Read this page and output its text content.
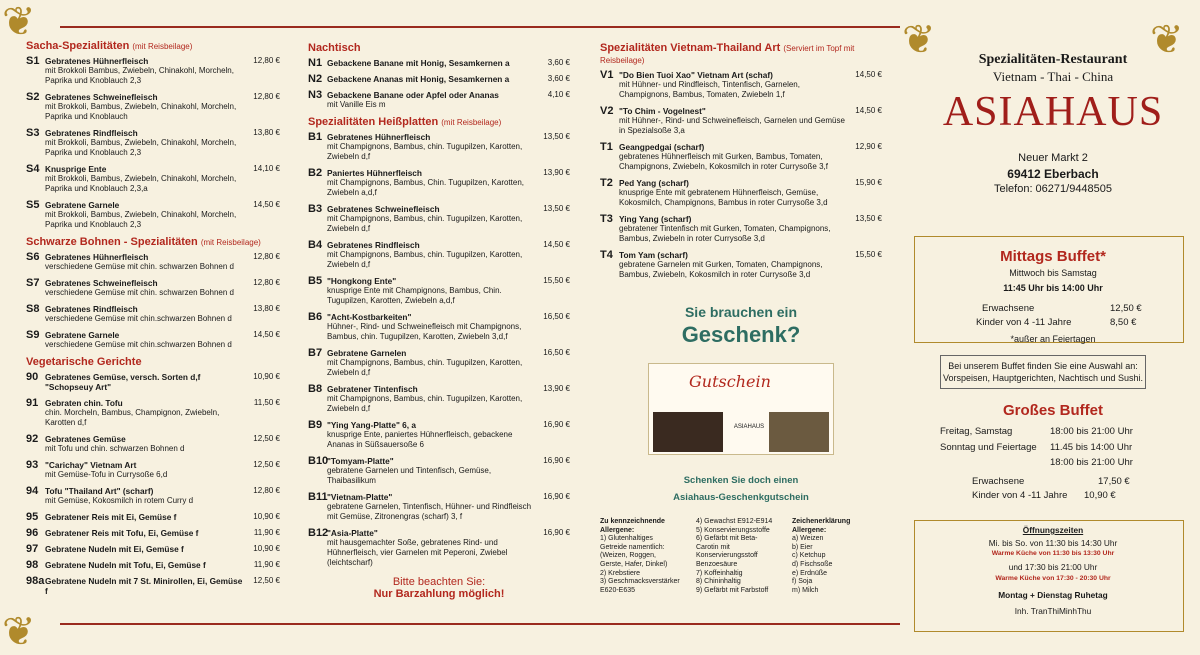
❦
❦
❦	❦
Sacha-Spezialitäten (mit Reisbeilage)
S1 Gebratenes Hühnerfleisch
mit Brokkoli Bambus, Zwiebeln, Chinakohl, Morcheln, Paprika und Knoblauch 2,3
12,80 €
S2 Gebratenes Schweinefleisch
mit Brokkoli, Bambus, Zwiebeln, Chinakohl, Morcheln, Paprika und Knoblauch
12,80 €
S3 Gebratenes Rindfleisch
mit Brokkoli, Bambus, Zwiebeln, Chinakohl, Morcheln, Paprika und Knoblauch 2,3
13,80 €
S4 Knusprige Ente
mit Brokkoli, Bambus, Zwiebeln, Chinakohl, Morcheln, Paprika und Knoblauch 2,3,a
14,10 €
S5 Gebratene Garnele
mit Brokkoli, Bambus, Zwiebeln, Chinakohl, Morcheln, Paprika und Knoblauch 2,3
14,50 €
Schwarze Bohnen - Spezialitäten (mit Reisbeilage)
S6 Gebratenes Hühnerfleisch
verschiedene Gemüse mit chin. schwarzen Bohnen d
12,80 €
S7 Gebratenes Schweinefleisch
verschiedene Gemüse mit chin. schwarzen Bohnen d
12,80 €
S8 Gebratenes Rindfleisch
verschiedene Gemüse mit chin.schwarzen Bohnen d
13,80 €
S9 Gebratene Garnele
verschiedene Gemüse mit chin.schwarzen Bohnen d
14,50 €
Vegetarische Gerichte
90 Gebratenes Gemüse, versch. Sorten d,f "Schopseuy Art"
10,90 €
91 Gebraten chin. Tofu
chin. Morcheln, Bambus, Champignon, Zwiebeln, Karotten d,f
11,50 €
92 Gebratenes Gemüse
mit Tofu und chin. schwarzen Bohnen d
12,50 €
93 "Carichay" Vietnam Art
mit Gemüse-Tofu in Currysoße 6,d
12,50 €
94 Tofu "Thailand Art" (scharf)
mit Gemüse, Kokosmilch in rotem Curry d
12,80 €
95 Gebratener Reis mit Ei, Gemüse f	10,90 €
96 Gebratener Reis mit Tofu, Ei, Gemüse f	11,90 €
97 Gebratene Nudeln mit Ei, Gemüse f	10,90 €
98 Gebratene Nudeln mit Tofu, Ei, Gemüse f	11,90 €
98a Gebratene Nudeln mit 7 St. Minirollen, Ei, Gemüse f
12,50 €
Nachtisch
N1 Gebackene Banane mit Honig, Sesamkernen a	3,60 €
N2 Gebackene Ananas mit Honig, Sesamkernen a	3,60 €
N3 Gebackene Banane oder Apfel oder Ananas
mit Vanille Eis m
4,10 €
Spezialitäten Heißplatten (mit Reisbeilage)
B1 Gebratenes Hühnerfleisch
mit Champignons, Bambus, chin. Tugupilzen, Karotten, Zwiebeln d,f
13,50 €
B2 Paniertes Hühnerfleisch
mit Champignons, Bambus, Chin. Tugupilzen, Karotten, Zwiebeln a,d,f
13,90 €
B3 Gebratenes Schweinefleisch
mit Champignons, Bambus, chin. Tugupilzen, Karotten, Zwiebeln d,f
13,50 €
B4 Gebratenes Rindfleisch
mit Champignons, Bambus, chin. Tugupilzen, Karotten, Zwiebeln d,f
14,50 €
B5 "Hongkong Ente"
knusprige Ente mit Champignons, Bambus, Chin. Tugupilzen, Karotten, Zwiebeln a,d,f
15,50 €
B6 "Acht-Kostbarkeiten"
Hühner-, Rind- und Schweinefleisch mit Champignons, Bambus, chin. Tugupilzen, Karotten, Zwiebeln 3,d,f
16,50 €
B7 Gebratene Garnelen
mit Champignons, Bambus, chin. Tugupilzen, Karotten, Zwiebeln d,f
16,50 €
B8 Gebratener Tintenfisch
mit Champignons, Bambus, chin. Tugupilzen, Karotten, Zwiebeln d,f
13,90 €
B9 "Ying Yang-Platte" 6, a
knusprige Ente, paniertes Hühnerfleisch, gebackene Ananas in Süßsauersoße 6
16,90 €
B10
"Tomyam-Platte"
gebratene Garnelen und Tintenfisch, Gemüse, Thaibasilikum
16,90 €
B11 "Vietnam-Platte"
gebratene Garnelen, Tintenfisch, Hühner- und Rindfleisch mit Gemüse, Zitronengras (scharf) 3, f
16,90 €
B12
"Asia-Platte"
mit hausgemachter Soße, gebratenes Rind- und Hühnerfleisch, vier Garnelen mit Peperoni, Zwiebel (leichtscharf)
16,90 €
Bitte beachten Sie:
Nur Barzahlung möglich!
Spezialitäten Vietnam-Thailand Art (Serviert im Topf mit Reisbeilage)
V1 "Do Bien Tuoi Xao" Vietnam Art (schaf)
mit Hühner- und Rindfleisch, Tintenfisch, Garnelen, Champignons, Bambus, Tomaten, Zwiebeln 1,f
14,50 €
V2 "To Chim - Vogelnest"
mit Hühner-, Rind- und Schweinefleisch, Garnelen und Gemüse in Spezialsoße 3,a
14,50 €
T1 Geangpedgai (scharf)
gebratenes Hühnerfleisch mit Gurken, Bambus, Tomaten, Champignons, Zwiebeln, Kokosmilch in roter Currysoße 3,f
12,90 €
T2 Ped Yang (scharf)
knusprige Ente mit gebratenem Hühnerfleisch, Gemüse, Kokosmilch, Champignons, Bambus in roter Currysoße 3,d
15,90 €
T3 Ying Yang (scharf)
gebratener Tintenfisch mit Gurken, Tomaten, Champignons, Bambus, Zwiebeln in roter Currysoße 3,d
13,50 €
T4 Tom Yam (scharf)
gebratene Garnelen mit Gurken, Tomaten, Champignons, Bambus, Zwiebeln, Kokosmilch in roter Currysoße 3,d
15,50 €
Sie brauchen ein
Geschenk?
Gutschein
ASIAHAUS
Schenken Sie doch einen
Asiahaus-Geschenkgutschein
Zu kennzeichnende
Allergene:
1) Glutenhaltiges
Getreide namentlich:
(Weizen, Roggen,
Gerste, Hafer, Dinkel)
2) Krebstiere
3) Geschmacksverstärker
E620-E635
4) Gewachst E912-E914
5) Konservierungsstoffe
6) Gefärbt mit Beta-
Carotin mit
Konservierungsstoff
Benzoesäure
7) Koffeinhaltig
8) Chininhaltig
9) Gefärbt mit Farbstoff
Zeichenerklärung
Allergene:
a) Weizen
b) Eier
c) Ketchup
d) Fischsoße
e) Erdnüße
f) Soja
m) Milch
Spezialitäten-Restaurant
Vietnam - Thai - China
ASIAHAUS
Neuer Markt 2
69412 Eberbach
Telefon: 06271/9448505
Mittags Buffet*
Mittwoch bis Samstag
11:45 Uhr bis 14:00 Uhr
Erwachsene	12,50 €
Kinder von 4 -11 Jahre	8,50 €
*außer an Feiertagen
Bei unserem Buffet finden Sie eine Auswahl an: Vorspeisen, Hauptgerichten, Nachtisch und Sushi.
Großes Buffet
Freitag, Samstag	18:00 bis 21:00 Uhr
Sonntag und Feiertage 11.45 bis 14:00 Uhr
18:00 bis 21:00 Uhr
Erwachsene	17,50 €
Kinder von 4 -11 Jahre 10,90 €
Öffnungszeiten
Mi. bis So. von 11:30 bis 14:30 Uhr
Warme Küche von 11:30 bis 13:30 Uhr
und 17:30 bis 21:00 Uhr
Warme Küche von 17:30 - 20:30 Uhr
Montag + Dienstag Ruhetag
Inh. TranThiMinhThu
